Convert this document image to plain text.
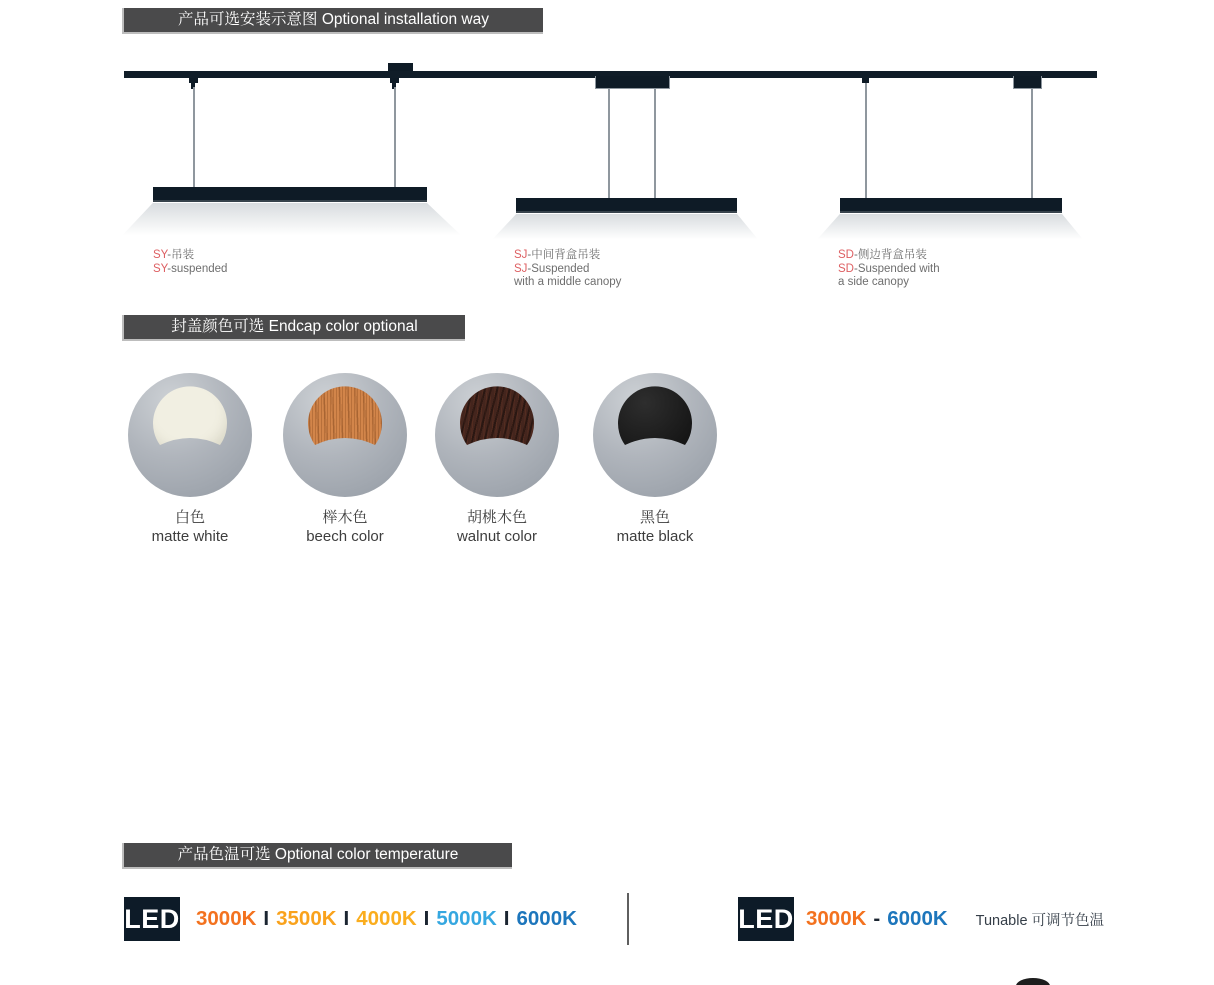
产品可选安装示意图 Optional installation way
SY-吊装
SY-suspended
SJ-中间背盒吊装
SJ-Suspended
with a middle canopy
SD-侧边背盒吊装
SD-Suspended with
a side canopy
封盖颜色可选 Endcap color optional
白色
matte white
榉木色
beech color
胡桃木色
walnut color
黑色
matte black
产品色温可选 Optional color temperature
LED 3000K I 3500K I 4000K I 5000K I 6000K	LED 3000K - 6000K Tunable 可调节色温
